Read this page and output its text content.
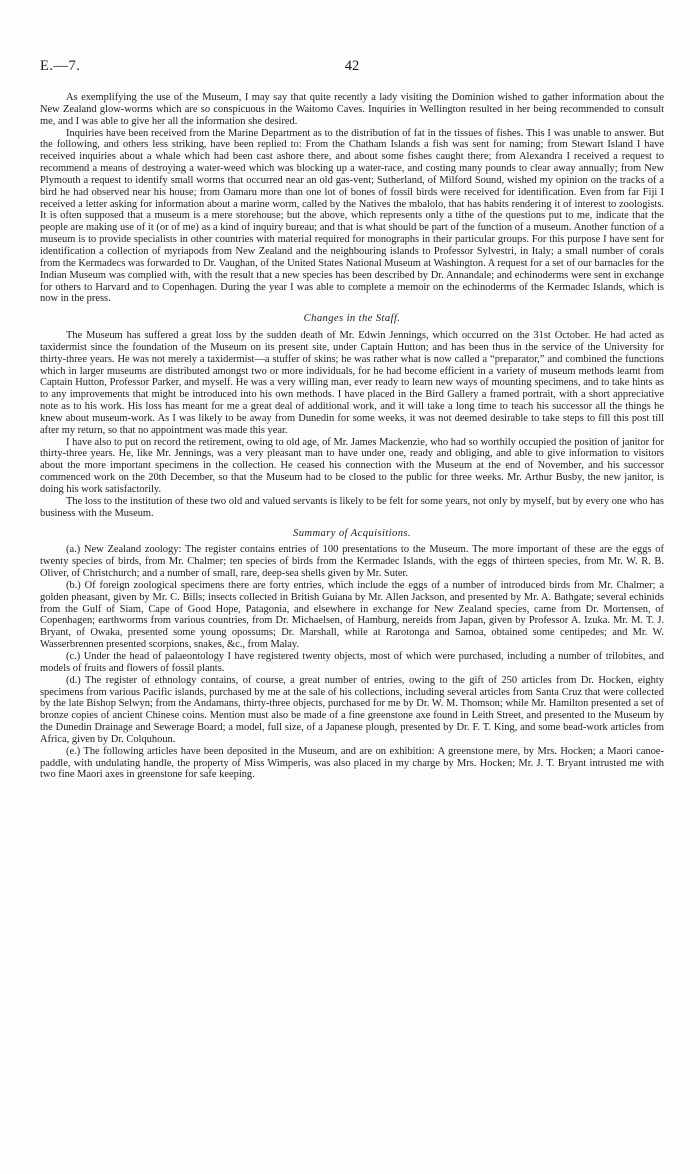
E.—7.	42

As exemplifying the use of the Museum, I may say that quite recently a lady visiting the Dominion wished to gather information about the New Zealand glow-worms which are so conspicuous in the Waitomo Caves. Inquiries in Wellington resulted in her being recommended to consult me, and I was able to give her all the information she desired.

Inquiries have been received from the Marine Department as to the distribution of fat in the tissues of fishes. This I was unable to answer. But the following, and others less striking, have been replied to: From the Chatham Islands a fish was sent for naming; from Stewart Island I have received inquiries about a whale which had been cast ashore there, and about some fishes caught there; from Alexandra I received a request to recommend a means of destroying a water-weed which was blocking up a water-race, and costing many pounds to clear away annually; from New Plymouth a request to identify small worms that occurred near an old gas-vent; Sutherland, of Milford Sound, wished my opinion on the tracks of a bird he had observed near his house; from Oamaru more than one lot of bones of fossil birds were received for identification. Even from far Fiji I received a letter asking for information about a marine worm, called by the Natives the mbalolo, that has habits rendering it of interest to zoologists. It is often supposed that a museum is a mere storehouse; but the above, which represents only a tithe of the questions put to me, indicate that the people are making use of it (or of me) as a kind of inquiry bureau; and that is what should be part of the function of a museum. Another function of a museum is to provide specialists in other countries with material required for monographs in their particular groups. For this purpose I have sent for identification a collection of myriapods from New Zealand and the neighbouring islands to Professor Sylvestri, in Italy; a small number of corals from the Kermadecs was forwarded to Dr. Vaughan, of the United States National Museum at Washington. A request for a set of our barnacles for the Indian Museum was complied with, with the result that a new species has been described by Dr. Annandale; and echinoderms were sent in exchange for others to Harvard and to Copenhagen. During the year I was able to complete a memoir on the echinoderms of the Kermadec Islands, which is now in the press.

Changes in the Staff.

The Museum has suffered a great loss by the sudden death of Mr. Edwin Jennings, which occurred on the 31st October. He had acted as taxidermist since the foundation of the Museum on its present site, under Captain Hutton; and has been thus in the service of the University for thirty-three years. He was not merely a taxidermist—a stuffer of skins; he was rather what is now called a “preparator,” and combined the functions which in larger museums are distributed amongst two or more individuals, for he had become efficient in a variety of museum methods learnt from Captain Hutton, Professor Parker, and myself. He was a very willing man, ever ready to learn new ways of mounting specimens, and to take hints as to any improvements that might be introduced into his own methods. I have placed in the Bird Gallery a framed portrait, with a short appreciative note as to his work. His loss has meant for me a great deal of additional work, and it will take a long time to teach his successor all the things he knew about museum-work. As I was likely to be away from Dunedin for some weeks, it was not deemed desirable to take steps to fill this post till after my return, so that no appointment was made this year.

I have also to put on record the retirement, owing to old age, of Mr. James Mackenzie, who had so worthily occupied the position of janitor for thirty-three years. He, like Mr. Jennings, was a very pleasant man to have under one, ready and obliging, and able to give information to visitors about the more important specimens in the collection. He ceased his connection with the Museum at the end of November, and his successor commenced work on the 20th December, so that the Museum had to be closed to the public for three weeks. Mr. Arthur Busby, the new janitor, is doing his work satisfactorily.

The loss to the institution of these two old and valued servants is likely to be felt for some years, not only by myself, but by every one who has business with the Museum.

Summary of Acquisitions.

(a.) New Zealand zoology: The register contains entries of 100 presentations to the Museum. The more important of these are the eggs of twenty species of birds, from Mr. Chalmer; ten species of birds from the Kermadec Islands, with the eggs of thirteen species, from Mr. W. R. B. Oliver, of Christchurch; and a number of small, rare, deep-sea shells given by Mr. Suter.

(b.) Of foreign zoological specimens there are forty entries, which include the eggs of a number of introduced birds from Mr. Chalmer; a golden pheasant, given by Mr. C. Bills; insects collected in British Guiana by Mr. Allen Jackson, and presented by Mr. A. Bathgate; several echinids from the Gulf of Siam, Cape of Good Hope, Patagonia, and elsewhere in exchange for New Zealand species, came from Dr. Mortensen, of Copenhagen; earthworms from various countries, from Dr. Michaelsen, of Hamburg, nereids from Japan, given by Professor A. Izuka. Mr. M. T. J. Bryant, of Owaka, presented some young opossums; Dr. Marshall, while at Rarotonga and Samoa, obtained some centipedes; and Mr. W. Wasserbrennen presented scorpions, snakes, &c., from Malay.

(c.) Under the head of palaeontology I have registered twenty objects, most of which were purchased, including a number of trilobites, and models of fruits and flowers of fossil plants.

(d.) The register of ethnology contains, of course, a great number of entries, owing to the gift of 250 articles from Dr. Hocken, eighty specimens from various Pacific islands, purchased by me at the sale of his collections, including several articles from Santa Cruz that were collected by the late Bishop Selwyn; from the Andamans, thirty-three objects, purchased for me by Dr. W. M. Thomson; while Mr. Hamilton presented a set of bronze copies of ancient Chinese coins. Mention must also be made of a fine greenstone axe found in Leith Street, and presented to the Museum by the Dunedin Drainage and Sewerage Board; a model, full size, of a Japanese plough, presented by Dr. F. T. King, and some bead-work articles from Africa, given by Dr. Colquhoun.

(e.) The following articles have been deposited in the Museum, and are on exhibition: A greenstone mere, by Mrs. Hocken; a Maori canoe-paddle, with undulating handle, the property of Miss Wimperis, was also placed in my charge by Mrs. Hocken; Mr. J. T. Bryant intrusted me with two fine Maori axes in greenstone for safe keeping.
